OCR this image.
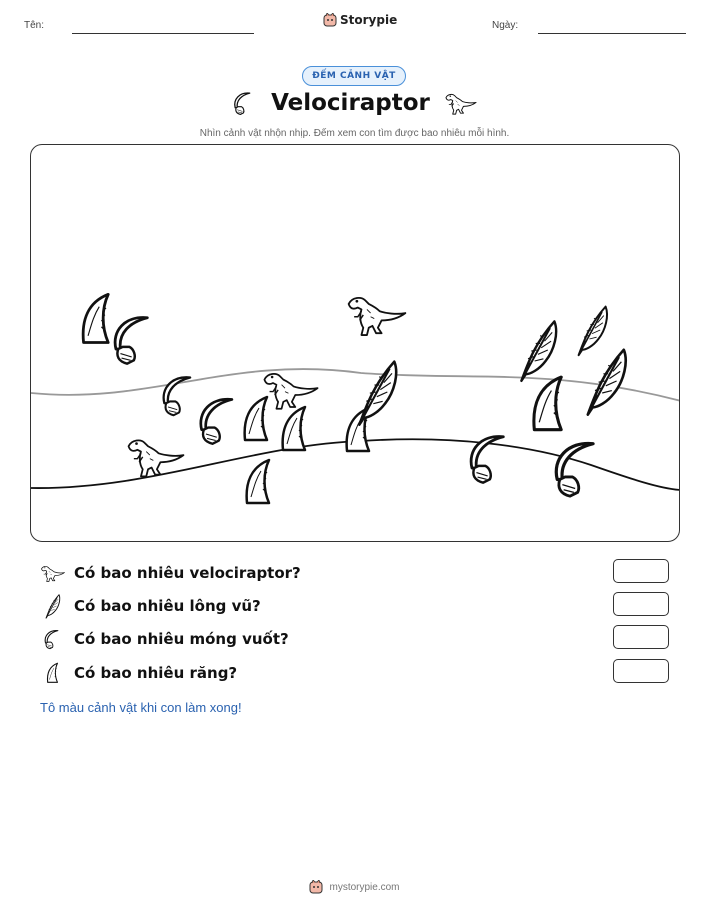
Tên:	Storypie	Ngày:
ĐẾM CẢNH VẬT
Velociraptor
Nhìn cảnh vật nhộn nhịp. Đếm xem con tìm được bao nhiêu mỗi hình.
Có bao nhiêu velociraptor?
Có bao nhiêu lông vũ?
Có bao nhiêu móng vuốt?
Có bao nhiêu răng?
Tô màu cảnh vật khi con làm xong!
mystorypie.com
